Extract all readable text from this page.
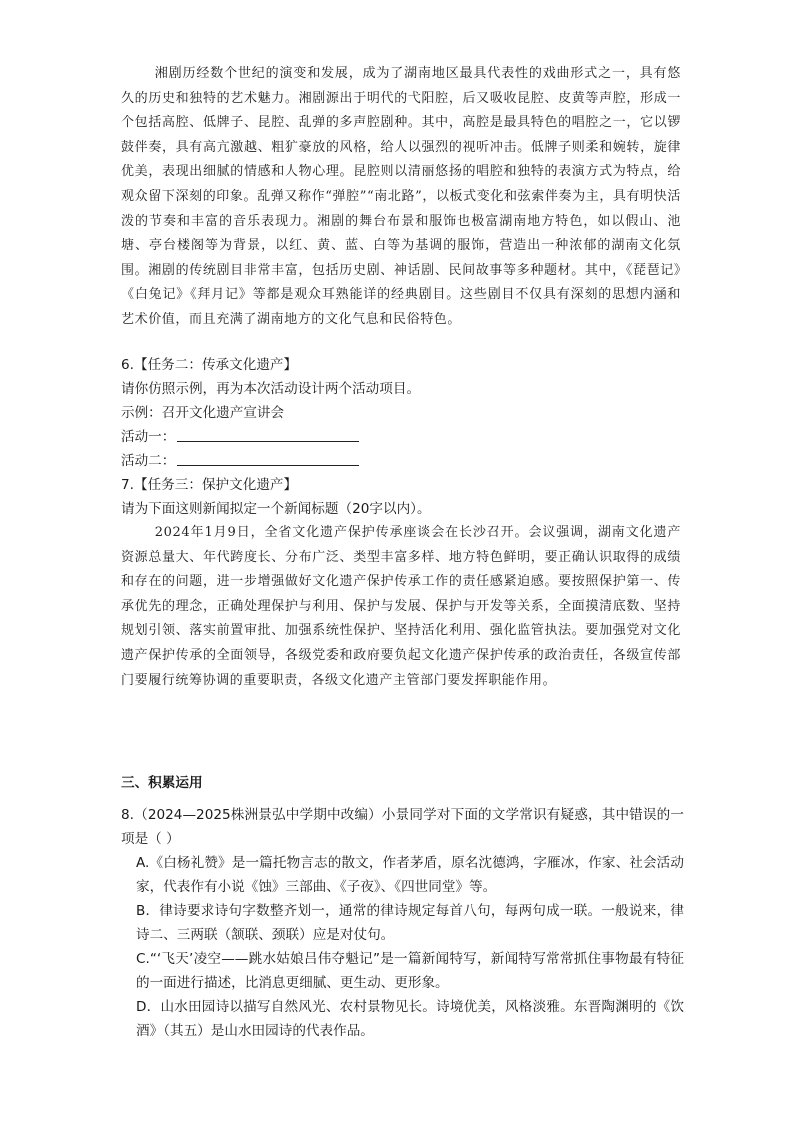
湘剧历经数个世纪的演变和发展，成为了湖南地区最具代表性的戏曲形式之一，具有悠久的历史和独特的艺术魅力。湘剧源出于明代的弋阳腔，后又吸收昆腔、皮黄等声腔，形成一个包括高腔、低牌子、昆腔、乱弹的多声腔剧种。其中，高腔是最具特色的唱腔之一，它以锣鼓伴奏，具有高亢激越、粗犷豪放的风格，给人以强烈的视听冲击。低牌子则柔和婉转，旋律优美，表现出细腻的情感和人物心理。昆腔则以清丽悠扬的唱腔和独特的表演方式为特点，给观众留下深刻的印象。乱弹又称作“弹腔”“南北路”，以板式变化和弦索伴奏为主，具有明快活泼的节奏和丰富的音乐表现力。湘剧的舞台布景和服饰也极富湖南地方特色，如以假山、池塘、亭台楼阁等为背景，以红、黄、蓝、白等为基调的服饰，营造出一种浓郁的湖南文化氛围。湘剧的传统剧目非常丰富，包括历史剧、神话剧、民间故事等多种题材。其中，《琵琶记》《白兔记》《拜月记》等都是观众耳熟能详的经典剧目。这些剧目不仅具有深刻的思想内涵和艺术价值，而且充满了湖南地方的文化气息和民俗特色。

6.【任务二：传承文化遗产】
请你仿照示例，再为本次活动设计两个活动项目。
示例：召开文化遗产宣讲会
活动一：
活动二：
7.【任务三：保护文化遗产】
请为下面这则新闻拟定一个新闻标题（20字以内）。

2024年1月9日，全省文化遗产保护传承座谈会在长沙召开。会议强调，湖南文化遗产资源总量大、年代跨度长、分布广泛、类型丰富多样、地方特色鲜明，要正确认识取得的成绩和存在的问题，进一步增强做好文化遗产保护传承工作的责任感紧迫感。要按照保护第一、传承优先的理念，正确处理保护与利用、保护与发展、保护与开发等关系，全面摸清底数、坚持规划引领、落实前置审批、加强系统性保护、坚持活化利用、强化监管执法。要加强党对文化遗产保护传承的全面领导，各级党委和政府要负起文化遗产保护传承的政治责任，各级宣传部门要履行统筹协调的重要职责，各级文化遗产主管部门要发挥职能作用。

三、积累运用
8.（2024—2025株洲景弘中学期中改编）小景同学对下面的文学常识有疑惑，其中错误的一项是（ ）
A.《白杨礼赞》是一篇托物言志的散文，作者茅盾，原名沈德鸿，字雁冰，作家、社会活动家，代表作有小说《蚀》三部曲、《子夜》、《四世同堂》等。
B．律诗要求诗句字数整齐划一，通常的律诗规定每首八句，每两句成一联。一般说来，律诗二、三两联（颔联、颈联）应是对仗句。
C.“‘飞天’凌空——跳水姑娘吕伟夺魁记”是一篇新闻特写，新闻特写常常抓住事物最有特征的一面进行描述，比消息更细腻、更生动、更形象。
D．山水田园诗以描写自然风光、农村景物见长。诗境优美，风格淡雅。东晋陶渊明的《饮酒》（其五）是山水田园诗的代表作品。
